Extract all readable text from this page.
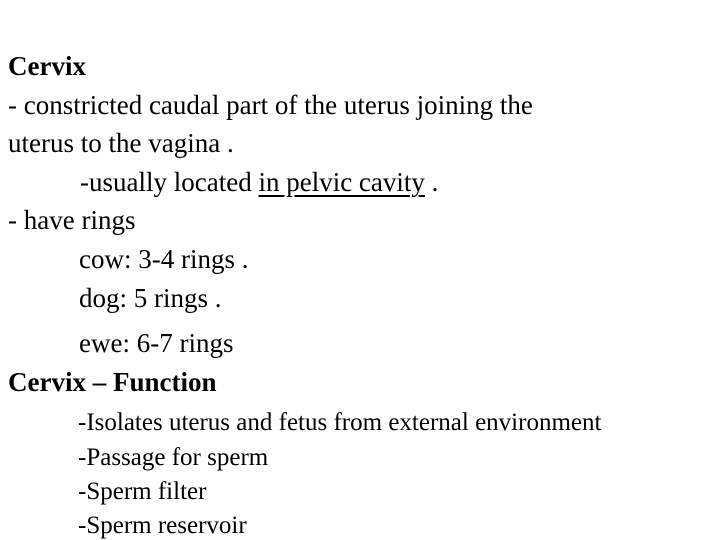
Cervix
- constricted caudal part of the uterus joining the
uterus to the vagina .
-usually located in pelvic cavity .
- have rings
cow: 3-4 rings .
dog: 5 rings .
ewe: 6-7 rings
Cervix – Function
-Isolates uterus and fetus from external environment
-Passage for sperm
-Sperm filter
-Sperm reservoir
